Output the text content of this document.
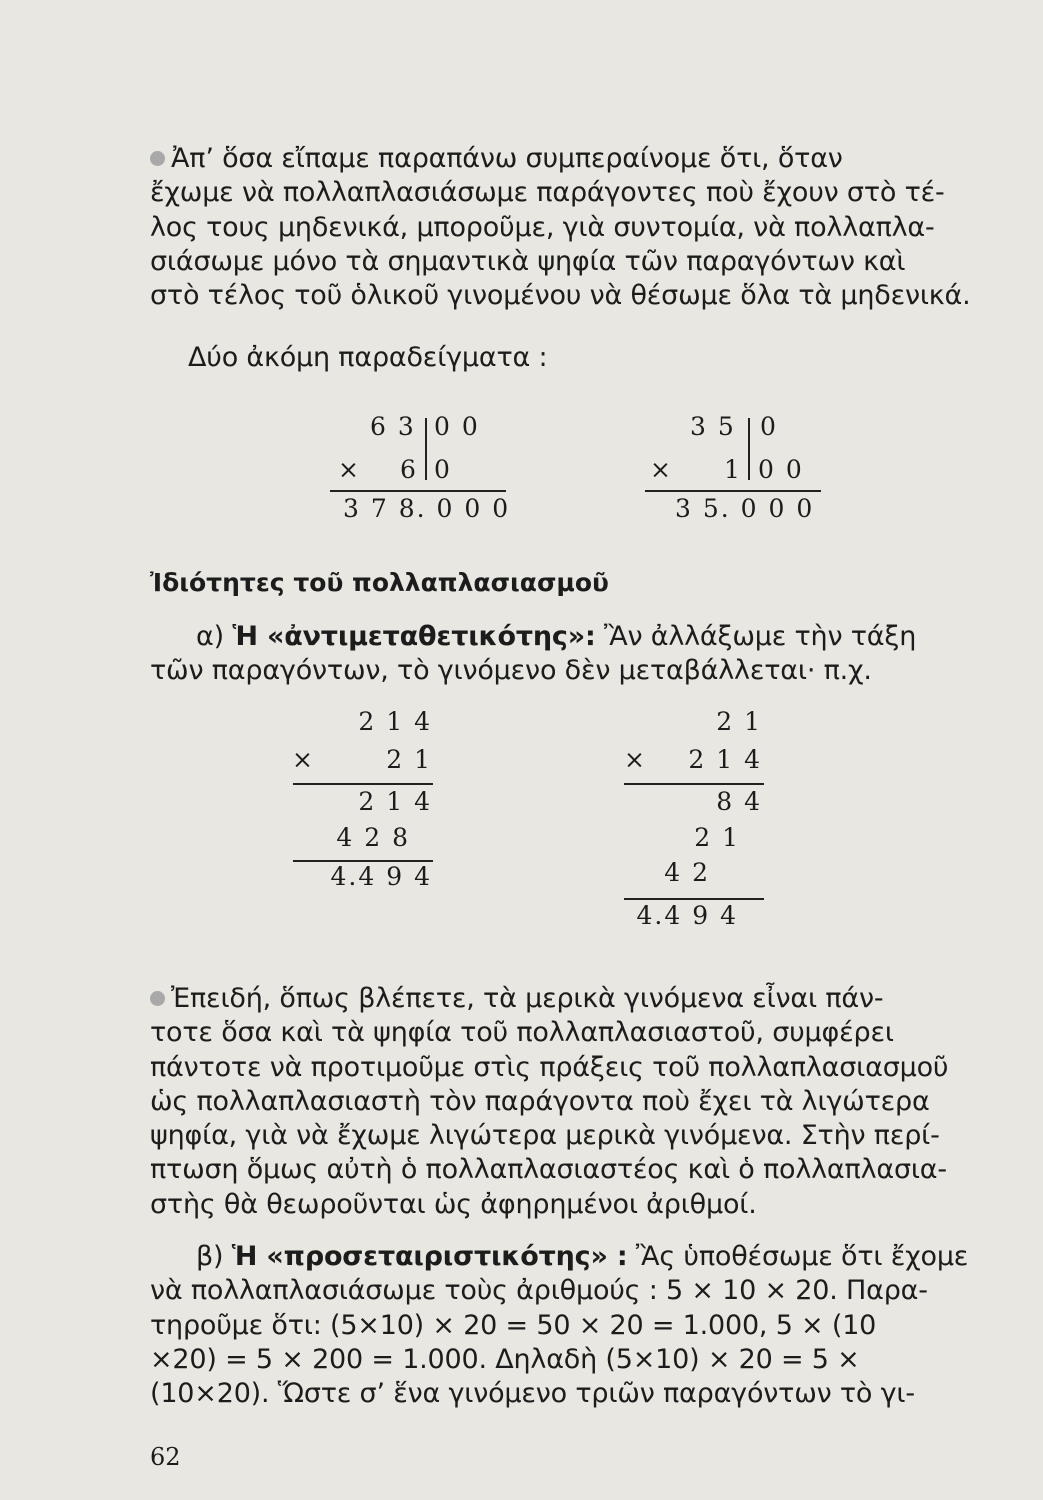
Ἀπ’ ὅσα εἴπαμε παραπάνω συμπεραίνομε ὅτι, ὅταν
ἔχωμε νὰ πολλαπλασιάσωμε παράγοντες ποὺ ἔχουν στὸ τέ-
λος τους μηδενικά, μποροῦμε, γιὰ συντομία, νὰ πολλαπλα-
σιάσωμε μόνο τὰ σημαντικὰ ψηφία τῶν παραγόντων καὶ
στὸ τέλος τοῦ ὁλικοῦ γινομένου νὰ θέσωμε ὅλα τὰ μηδενικά.
Δύο ἀκόμη παραδείγματα :
6 3 0 0
× 6 0
3 7 8. 0 0 0
3 5 0
× 1 0 0
3 5. 0 0 0
Ἰδιότητες τοῦ πολλαπλασιασμοῦ
α) Ἡ «ἀντιμεταθετικότης»: Ἂν ἀλλάξωμε τὴν τάξη
τῶν παραγόντων, τὸ γινόμενο δὲν μεταβάλλεται· π.χ.
2 1 4
×	2 1
2 1 4
4 2 8
4.4 9 4
2 1
×	2 1 4
8 4
2 1
4 2
4.4 9 4
Ἐπειδή, ὅπως βλέπετε, τὰ μερικὰ γινόμενα εἶναι πάν-
τοτε ὅσα καὶ τὰ ψηφία τοῦ πολλαπλασιαστοῦ, συμφέρει
πάντοτε νὰ προτιμοῦμε στὶς πράξεις τοῦ πολλαπλασιασμοῦ
ὡς πολλαπλασιαστὴ τὸν παράγοντα ποὺ ἔχει τὰ λιγώτερα
ψηφία, γιὰ νὰ ἔχωμε λιγώτερα μερικὰ γινόμενα. Στὴν περί-
πτωση ὅμως αὐτὴ ὁ πολλαπλασιαστέος καὶ ὁ πολλαπλασια-
στὴς θὰ θεωροῦνται ὡς ἀφηρημένοι ἀριθμοί.
β) Ἡ «προσεταιριστικότης» : Ἂς ὑποθέσωμε ὅτι ἔχομε
νὰ πολλαπλασιάσωμε τοὺς ἀριθμούς : 5 × 10 × 20. Παρα-
τηροῦμε ὅτι: (5×10) × 20 = 50 × 20 = 1.000, 5 × (10
×20) = 5 × 200 = 1.000. Δηλαδὴ (5×10) × 20 = 5 ×
(10×20). Ὥστε σ’ ἕνα γινόμενο τριῶν παραγόντων τὸ γι-
62
